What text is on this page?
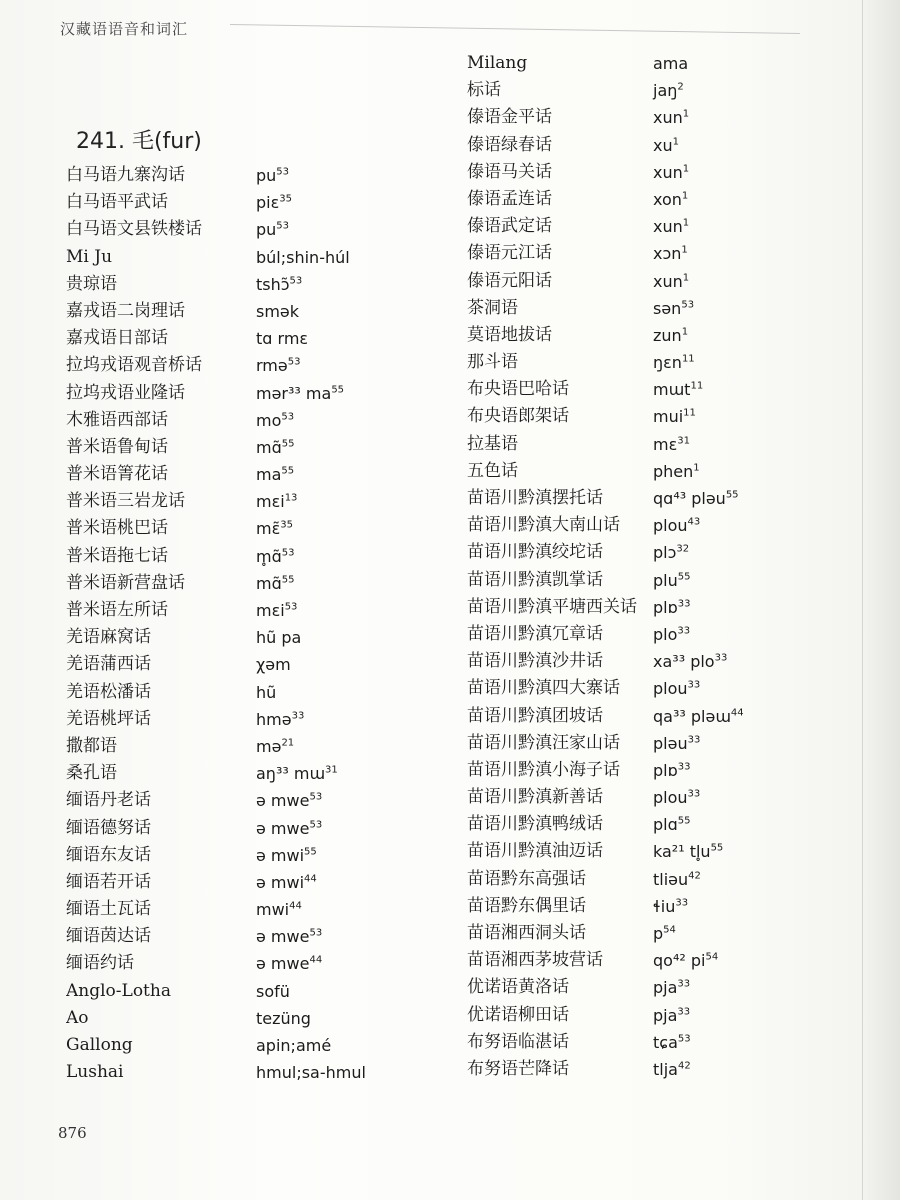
汉藏语语音和词汇
241. 毛(fur)
白马语九寨沟话	$pu^{53}$
白马语平武话	piɛ$^{35}$
白马语文县铁楼话	$pu^{53}$
Mi Ju	búl;shin-húl
贵琼语	tshɔ̃$^{53}$
嘉戎语二岗理话	smək
嘉戎语日部话	tɑ rmɛ
拉坞戎语观音桥话	rmə$^{53}$
拉坞戎语业隆话	mər³³ $ma^{55}$
木雅语西部话	$mo^{53}$
普米语鲁甸话	mɑ̃$^{55}$
普米语箐花话	$ma^{55}$
普米语三岩龙话	mɛi$^{13}$
普米语桃巴话	mɛ̃$^{35}$
普米语拖七话	m̥ɑ̃$^{53}$
普米语新营盘话	mɑ̃$^{55}$
普米语左所话	mɛi$^{53}$
羌语麻窝话	hũ pa
羌语蒲西话	χəm
羌语松潘话	hũ
羌语桃坪话	hmə$^{33}$
撒都语	mə$^{21}$
桑孔语	aŋ³³ mɯ$^{31}$
缅语丹老话	ə mwe$^{53}$
缅语德努话	ə mwe$^{53}$
缅语东友话	ə mwi$^{55}$
缅语若开话	ə mwi$^{44}$
缅语土瓦话	mwi$^{44}$
缅语茵达话	ə mwe$^{53}$
缅语约话	ə mwe$^{44}$
Anglo-Lotha	sofü
Ao	tezüng
Gallong	apin;amé
Lushai	hmul;sa-hmul
Milang	ama
标话	jaŋ$^2$
傣语金平话	xun$^1$
傣语绿春话	$xu^1$
傣语马关话	xun$^1$
傣语孟连话	xon$^1$
傣语武定话	xun$^1$
傣语元江话	xɔn$^1$
傣语元阳话	xun$^1$
茶洞语	sən$^{53}$
莫语地拔话	zun$^1$
那斗语	ŋɛn$^{11}$
布央语巴哈话	mɯt$^{11}$
布央语郎架话	mui$^{11}$
拉基语	mɛ$^{31}$
五色话	phen$^1$
苗语川黔滇摆托话	qɑ⁴³ pləu$^{55}$
苗语川黔滇大南山话	plou$^{43}$
苗语川黔滇绞坨话	plɔ$^{32}$
苗语川黔滇凯掌话	plu$^{55}$
苗语川黔滇平塘西关话	plɒ$^{33}$
苗语川黔滇冗章话	plo$^{33}$
苗语川黔滇沙井话	xa³³ plo$^{33}$
苗语川黔滇四大寨话	plou$^{33}$
苗语川黔滇团坡话	qa³³ pləɯ$^{44}$
苗语川黔滇汪家山话	pləu$^{33}$
苗语川黔滇小海子话	plɒ$^{33}$
苗语川黔滇新善话	plou$^{33}$
苗语川黔滇鸭绒话	plɑ$^{55}$
苗语川黔滇油迈话	ka²¹ $tl̥u^{55}$
苗语黔东高强话	tliəu$^{42}$
苗语黔东偶里话	ɬiu$^{33}$
苗语湘西洞头话	$p^{54}$
苗语湘西茅坡营话	qo⁴² $pi^{54}$
优诺语黄洛话	pja$^{33}$
优诺语柳田话	pja$^{33}$
布努语临湛话	tɕa$^{53}$
布努语芒降话	tlja$^{42}$
876
